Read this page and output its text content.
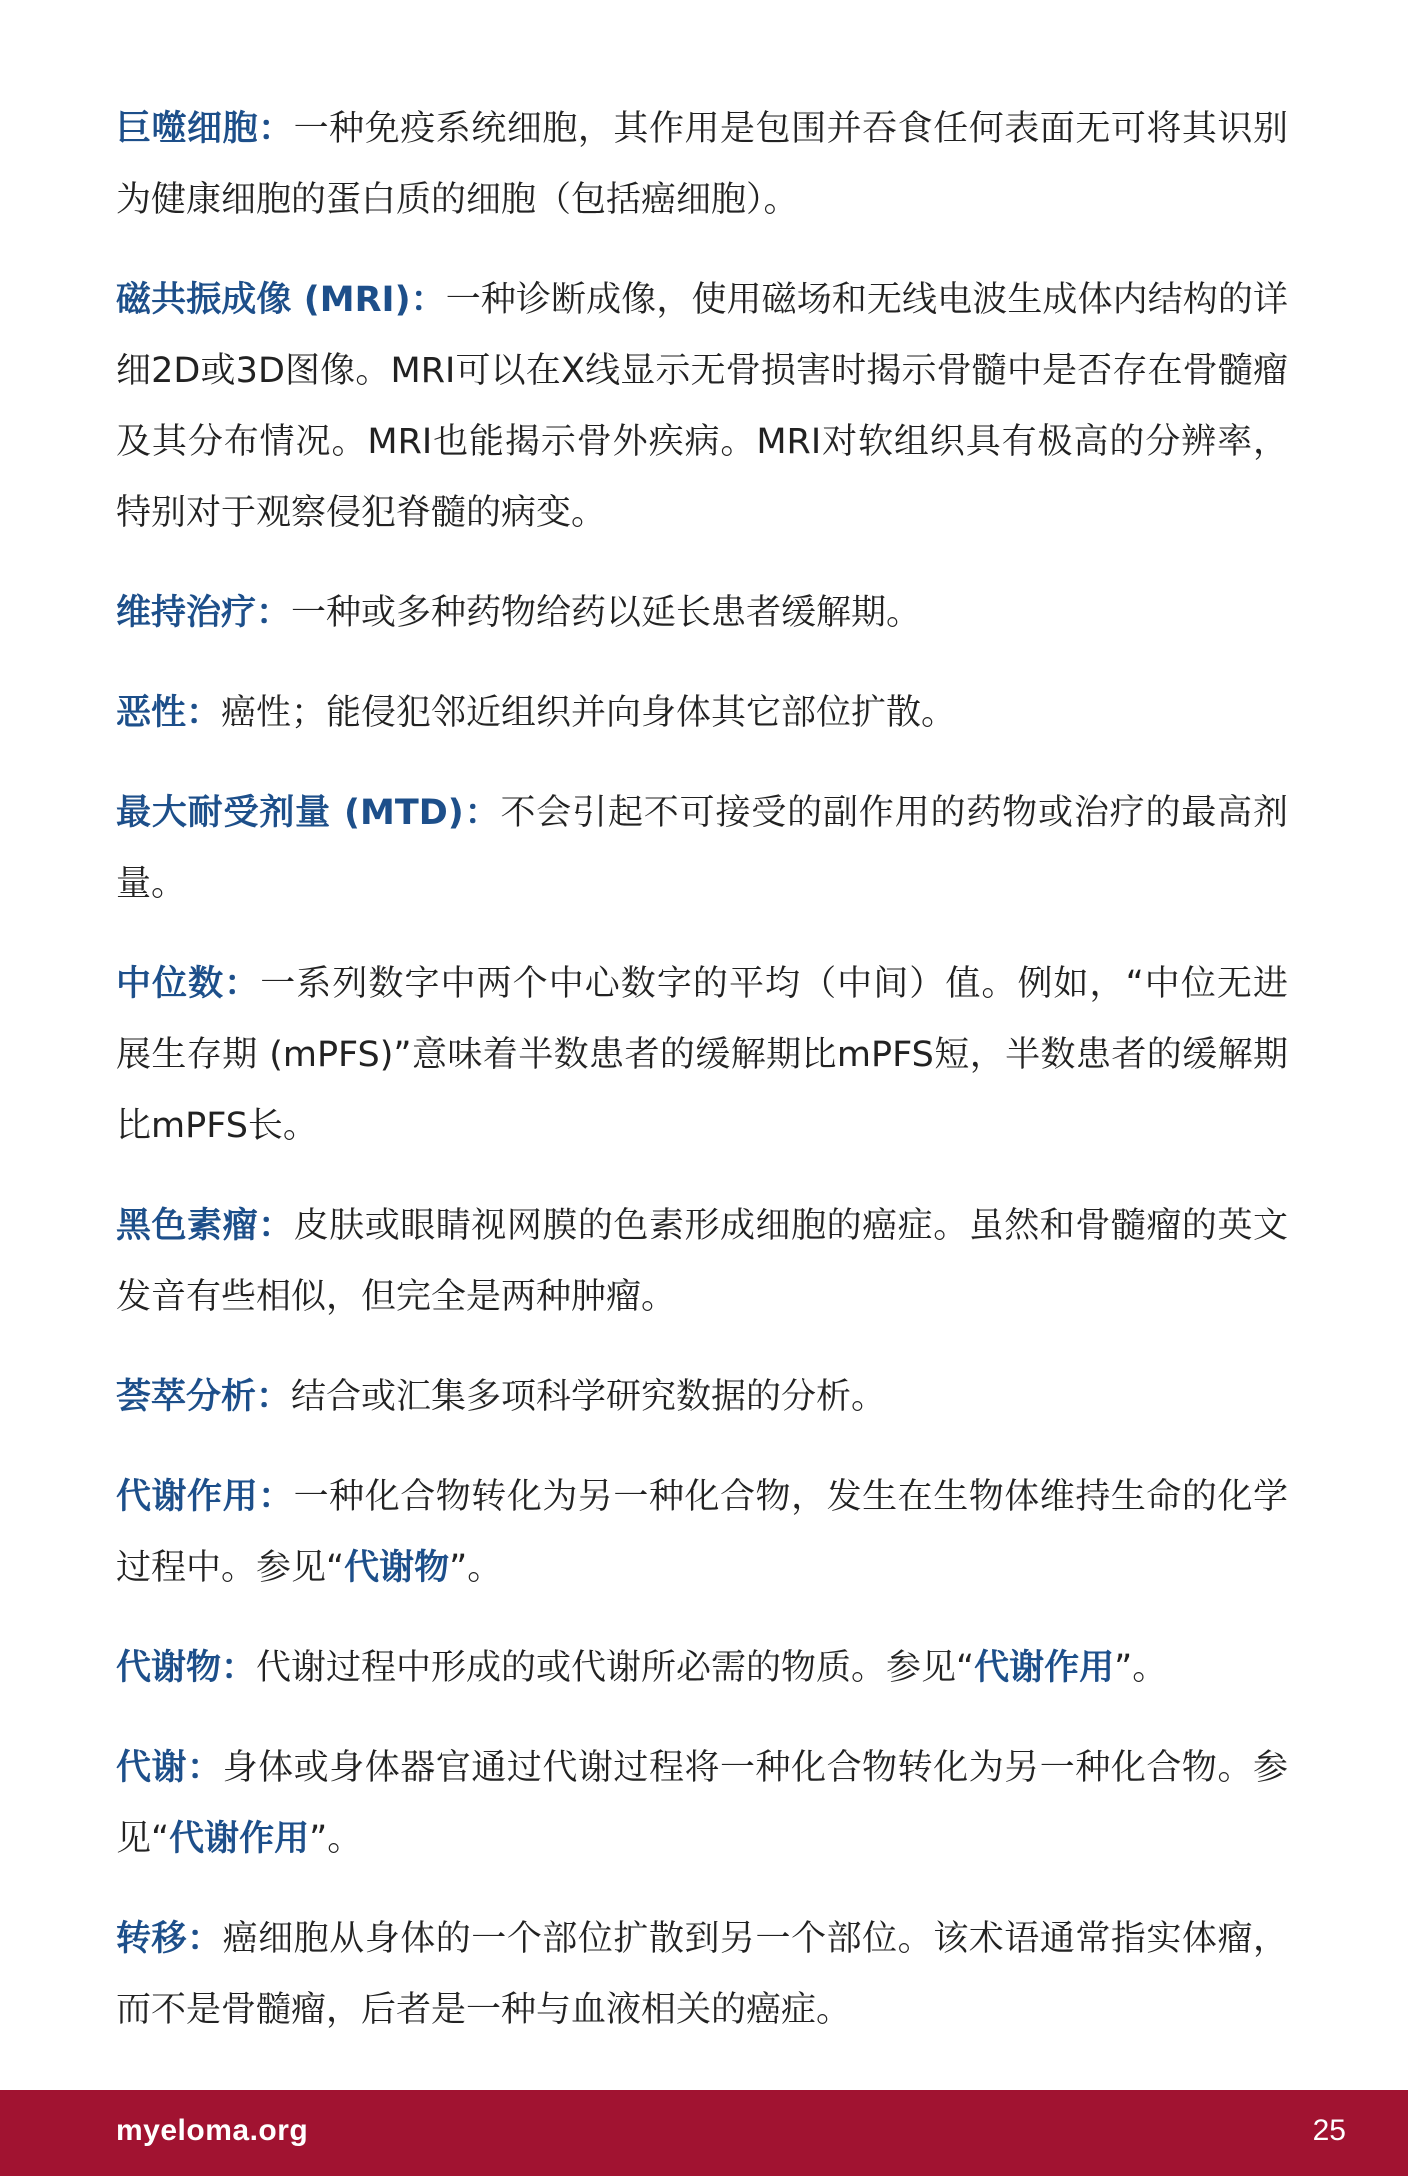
巨噬细胞：一种免疫系统细胞，其作用是包围并吞食任何表面无可将其识别为健康细胞的蛋白质的细胞（包括癌细胞）。

磁共振成像 (MRI)：一种诊断成像，使用磁场和无线电波生成体内结构的详细2D或3D图像。MRI可以在X线显示无骨损害时揭示骨髓中是否存在骨髓瘤及其分布情况。MRI也能揭示骨外疾病。MRI对软组织具有极高的分辨率，特别对于观察侵犯脊髓的病变。

维持治疗：一种或多种药物给药以延长患者缓解期。

恶性：癌性；能侵犯邻近组织并向身体其它部位扩散。

最大耐受剂量 (MTD)：不会引起不可接受的副作用的药物或治疗的最高剂量。

中位数：一系列数字中两个中心数字的平均（中间）值。例如，“中位无进展生存期 (mPFS)”意味着半数患者的缓解期比mPFS短，半数患者的缓解期比mPFS长。

黑色素瘤：皮肤或眼睛视网膜的色素形成细胞的癌症。虽然和骨髓瘤的英文发音有些相似，但完全是两种肿瘤。

荟萃分析：结合或汇集多项科学研究数据的分析。

代谢作用：一种化合物转化为另一种化合物，发生在生物体维持生命的化学过程中。参见“代谢物”。

代谢物：代谢过程中形成的或代谢所必需的物质。参见“代谢作用”。

代谢：身体或身体器官通过代谢过程将一种化合物转化为另一种化合物。参见“代谢作用”。

转移：癌细胞从身体的一个部位扩散到另一个部位。该术语通常指实体瘤，而不是骨髓瘤，后者是一种与血液相关的癌症。

myeloma.org	25
